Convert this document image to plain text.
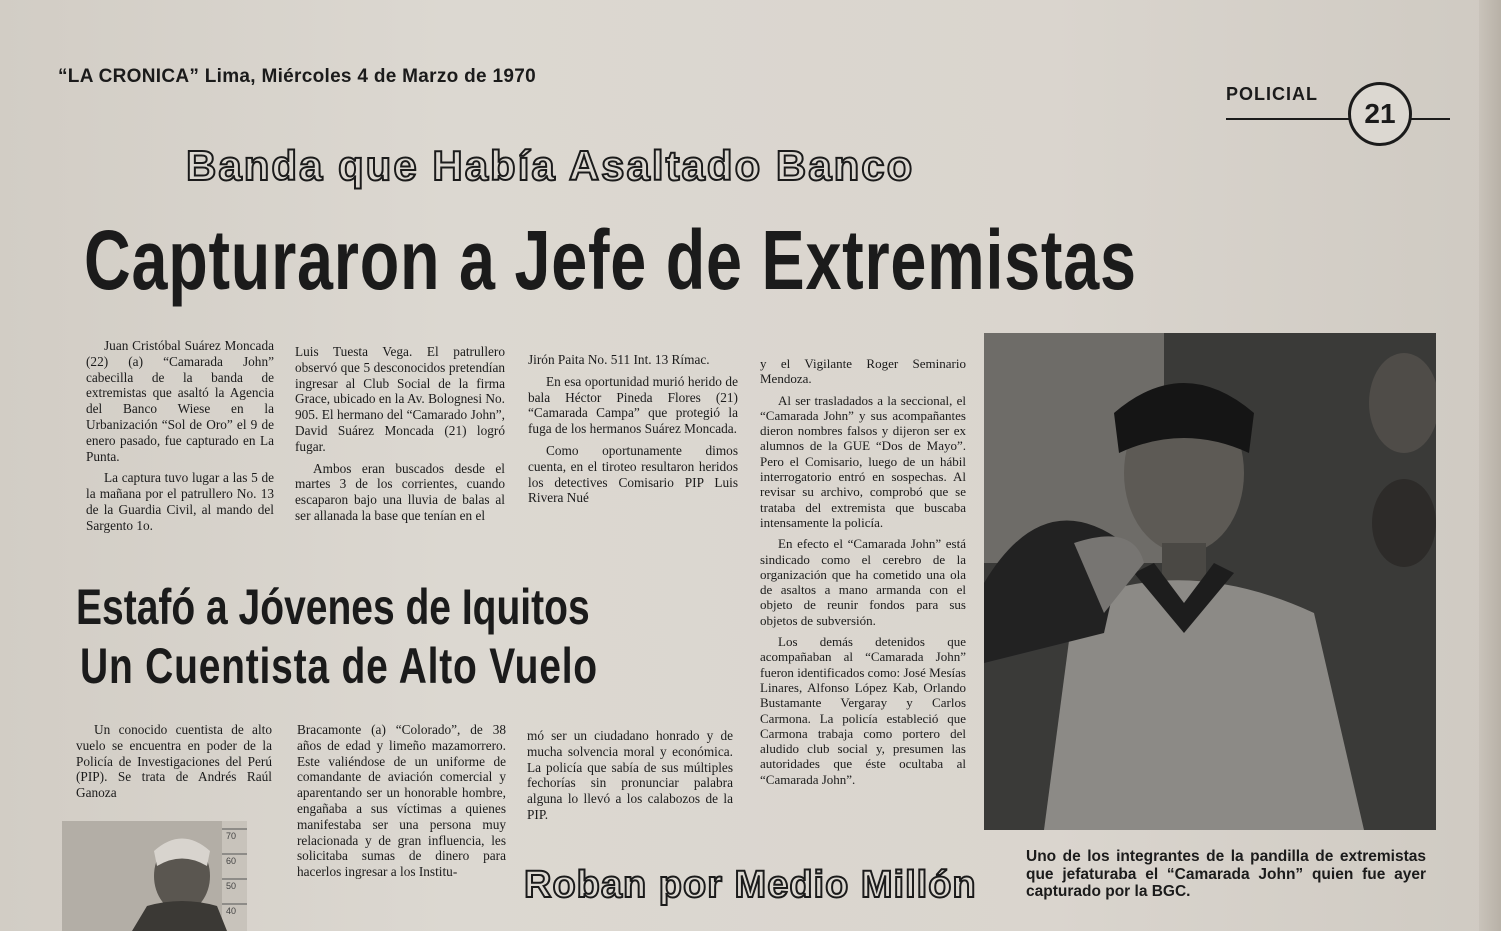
“LA CRONICA” Lima, Miércoles 4 de Marzo de 1970
POLICIAL
21
Banda que Había Asaltado Banco
Capturaron a Jefe de Extremistas

Juan Cristóbal Suárez Moncada (22) (a) “Camarada John” cabecilla de la banda de extremistas que asaltó la Agencia del Banco Wiese en la Urbanización “Sol de Oro” el 9 de enero pasado, fue capturado en La Punta.

La captura tuvo lugar a las 5 de la mañana por el patrullero No. 13 de la Guardia Civil, al mando del Sargento 1o.

Luis Tuesta Vega. El patrullero observó que 5 desconocidos pretendían ingresar al Club Social de la firma Grace, ubicado en la Av. Bolognesi No. 905. El hermano del “Camarado John”, David Suárez Moncada (21) logró fugar.

Ambos eran buscados desde el martes 3 de los corrientes, cuando escaparon bajo una lluvia de balas al ser allanada la base que tenían en el

Jirón Paita No. 511 Int. 13 Rímac.

En esa oportunidad murió herido de bala Héctor Pineda Flores (21) “Camarada Campa” que protegió la fuga de los hermanos Suárez Moncada.

Como oportunamente dimos cuenta, en el tiroteo resultaron heridos los detectives Comisario PIP Luis Rivera Nué

y el Vigilante Roger Seminario Mendoza.

Al ser trasladados a la seccional, el “Camarada John” y sus acompañantes dieron nombres falsos y dijeron ser ex alumnos de la GUE “Dos de Mayo”. Pero el Comisario, luego de un hábil interrogatorio entró en sospechas. Al revisar su archivo, comprobó que se trataba del extremista que buscaba intensamente la policía.

En efecto el “Camarada John” está sindicado como el cerebro de la organización que ha cometido una ola de asaltos a mano armanda con el objeto de reunir fondos para sus objetos de subversión.

Los demás detenidos que acompañaban al “Camarada John” fueron identificados como: José Mesías Linares, Alfonso López Kab, Orlando Bustamante Vergaray y Carlos Carmona. La policía estableció que Carmona trabaja como portero del aludido club social y, presumen las autoridades que éste ocultaba al “Camarada John”.

Uno de los integrantes de la pandilla de extremistas que jefaturaba el “Camarada John” quien fue ayer capturado por la BGC.
Estafó a Jóvenes de Iquitos
Un Cuentista de Alto Vuelo

Un conocido cuentista de alto vuelo se encuentra en poder de la Policía de Investigaciones del Perú (PIP). Se trata de Andrés Raúl Ganoza

70
60
50
40

Bracamonte (a) “Colorado”, de 38 años de edad y limeño mazamorrero. Este valiéndose de un uniforme de comandante de aviación comercial y aparentando ser un honorable hombre, engañaba a sus víctimas a quienes manifestaba ser una persona muy relacionada y de gran influencia, les solicitaba sumas de dinero para hacerlos ingresar a los Institu-

mó ser un ciudadano honrado y de mucha solvencia moral y económica. La policía que sabía de sus múltiples fechorías sin pronunciar palabra alguna lo llevó a los calabozos de la PIP.

Roban por Medio Millón
